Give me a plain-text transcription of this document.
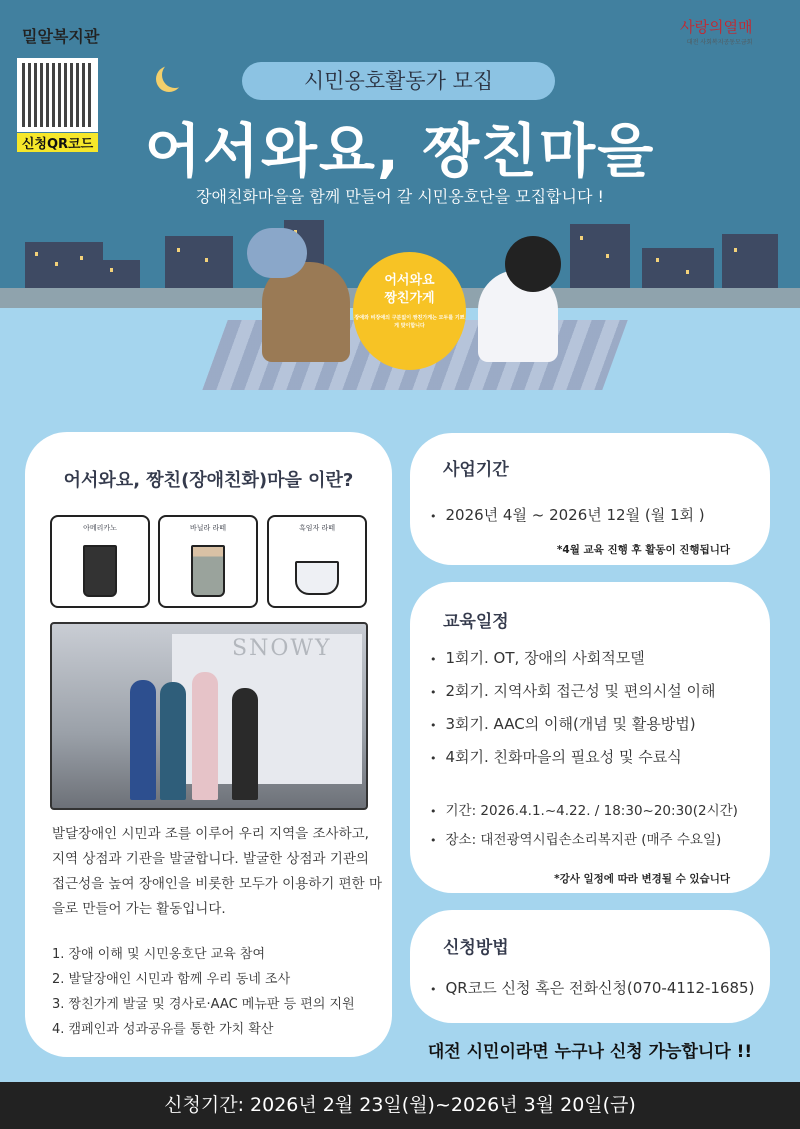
밀알복지관	사랑의열매
대전 사회복지공동모금회
신청QR코드
시민옹호활동가 모집
어서와요, 짱친마을
장애친화마을을 함께 만들어 갈 시민옹호단을 모집합니다 !
어서와요
짱친가게
장애와 비장애의 구분없이 짱친가게는 모두를 기쁘게 맞이합니다
어서와요, 짱친(장애친화)마을 이란?
아메리카노	바닐라 라떼	흑임자 라떼
SNOWY
발달장애인 시민과 조를 이루어 우리 지역을 조사하고, 지역 상점과 기관을 발굴합니다. 발굴한 상점과 기관의 접근성을 높여 장애인을 비롯한 모두가 이용하기 편한 마을로 만들어 가는 활동입니다.
1. 장애 이해 및 시민옹호단 교육 참여
2. 발달장애인 시민과 함께 우리 동네 조사
3. 짱친가게 발굴 및 경사로·AAC 메뉴판 등 편의 지원
4. 캠페인과 성과공유를 통한 가치 확산
사업기간
• 2026년 4월 ~ 2026년 12월 (월 1회 )
*4월 교육 진행 후 활동이 진행됩니다
교육일정
• 1회기. OT, 장애의 사회적모델
• 2회기. 지역사회 접근성 및 편의시설 이해
• 3회기. AAC의 이해(개념 및 활용방법)
• 4회기. 친화마을의 필요성 및 수료식
• 기간: 2026.4.1.~4.22. / 18:30~20:30(2시간)
• 장소: 대전광역시립손소리복지관 (매주 수요일)
*강사 일정에 따라 변경될 수 있습니다
신청방법
• QR코드 신청 혹은 전화신청(070-4112-1685)
대전 시민이라면 누구나 신청 가능합니다 !!
신청기간: 2026년 2월 23일(월)~2026년 3월 20일(금)
